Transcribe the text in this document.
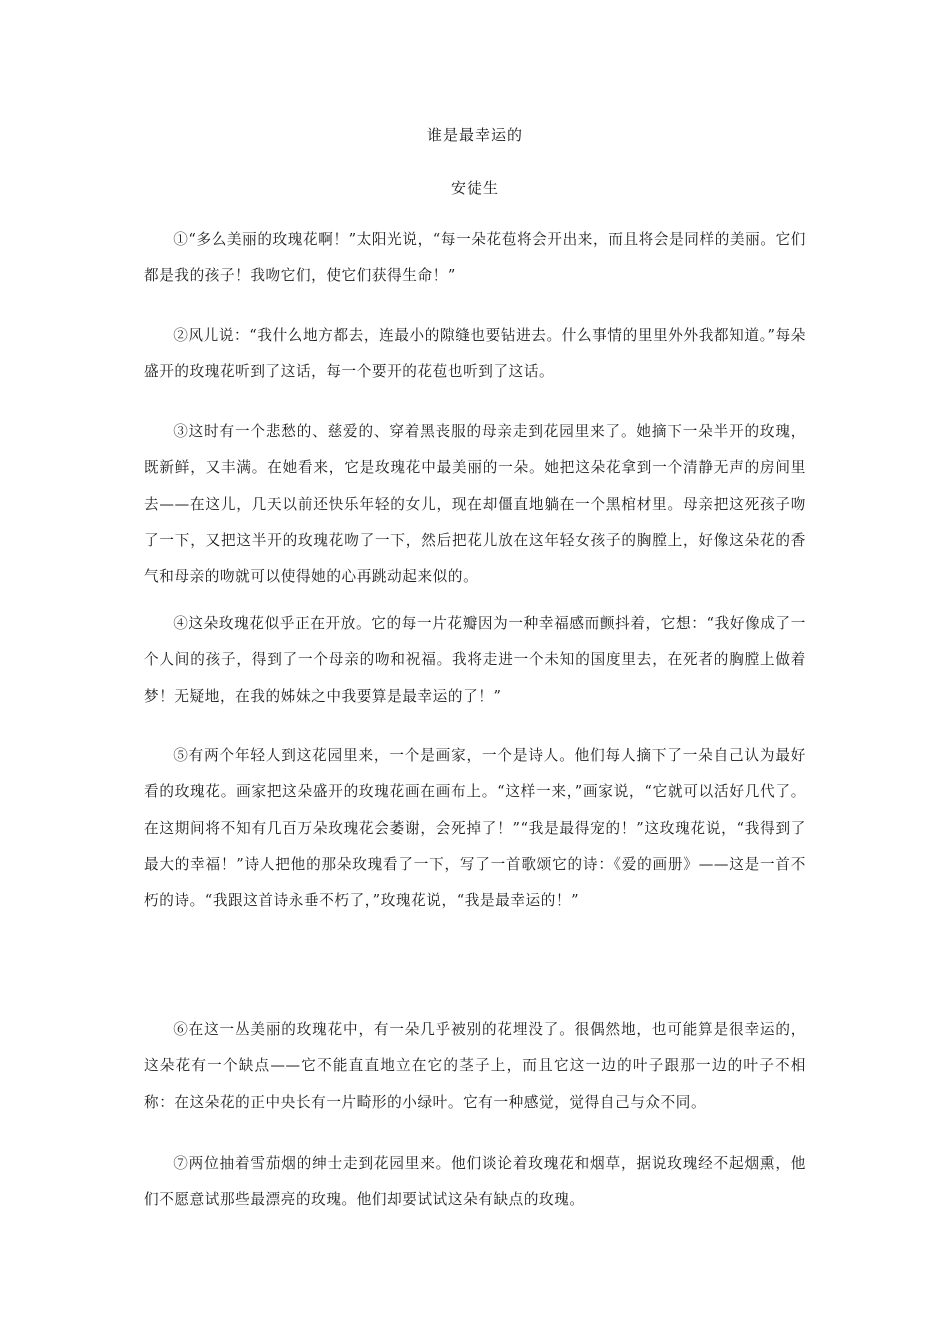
谁是最幸运的
安徒生

①“多么美丽的玫瑰花啊！”太阳光说，“每一朵花苞将会开出来，而且将会是同样的美丽。它们都是我的孩子！我吻它们，使它们获得生命！”

②风儿说：“我什么地方都去，连最小的隙缝也要钻进去。什么事情的里里外外我都知道。”每朵盛开的玫瑰花听到了这话，每一个要开的花苞也听到了这话。

③这时有一个悲愁的、慈爱的、穿着黑丧服的母亲走到花园里来了。她摘下一朵半开的玫瑰，既新鲜，又丰满。在她看来，它是玫瑰花中最美丽的一朵。她把这朵花拿到一个清静无声的房间里去——在这儿，几天以前还快乐年轻的女儿，现在却僵直地躺在一个黑棺材里。母亲把这死孩子吻了一下，又把这半开的玫瑰花吻了一下，然后把花儿放在这年轻女孩子的胸膛上，好像这朵花的香气和母亲的吻就可以使得她的心再跳动起来似的。

④这朵玫瑰花似乎正在开放。它的每一片花瓣因为一种幸福感而颤抖着，它想：“我好像成了一个人间的孩子，得到了一个母亲的吻和祝福。我将走进一个未知的国度里去，在死者的胸膛上做着梦！无疑地，在我的姊妹之中我要算是最幸运的了！”

⑤有两个年轻人到这花园里来，一个是画家，一个是诗人。他们每人摘下了一朵自己认为最好看的玫瑰花。画家把这朵盛开的玫瑰花画在画布上。“这样一来，”画家说，“它就可以活好几代了。在这期间将不知有几百万朵玫瑰花会萎谢，会死掉了！”“我是最得宠的！”这玫瑰花说，“我得到了最大的幸福！”诗人把他的那朵玫瑰看了一下，写了一首歌颂它的诗：《爱的画册》——这是一首不朽的诗。“我跟这首诗永垂不朽了，”玫瑰花说，“我是最幸运的！”

⑥在这一丛美丽的玫瑰花中，有一朵几乎被别的花埋没了。很偶然地，也可能算是很幸运的，这朵花有一个缺点——它不能直直地立在它的茎子上，而且它这一边的叶子跟那一边的叶子不相称：在这朵花的正中央长有一片畸形的小绿叶。它有一种感觉，觉得自己与众不同。

⑦两位抽着雪茄烟的绅士走到花园里来。他们谈论着玫瑰花和烟草，据说玫瑰经不起烟熏，他们不愿意试那些最漂亮的玫瑰。他们却要试试这朵有缺点的玫瑰。
